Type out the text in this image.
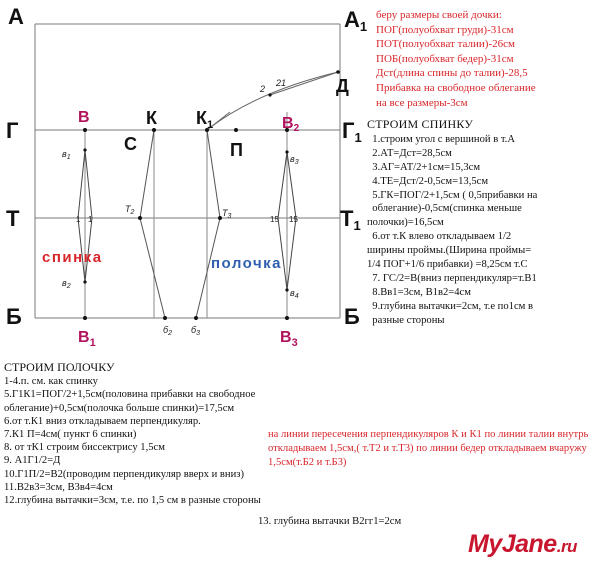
А	А1
Г	Г1
Т	Т1
Б	Б
В	К $К_1$
С	П
В2
Д
2
21
$в_1$
$в_2$
$в_3$
$в_4$
1 1	15 15
$Т_2$	$Т_3$
$б_2$ $б_3$
$В_1$	$В_3$
спинка	полочка
беру размеры своей дочки:
ПОГ(полуобхват груди)-31см
ПОТ(полуобхват талии)-26см
ПОБ(полуобхват бедер)-31см
Дст(длина спины до талии)-28,5
Прибавка на свободное облегание
на все размеры-3см
СТРОИМ СПИНКУ
1.строим угол с вершиной в т.А
2.АТ=Дст=28,5см
3.АГ=АТ/2+1см=15,3см
4.ТЕ=Дст/2-0,5см=13,5см
5.ГК=ПОГ/2+1,5см ( 0,5прибавки на
облегание)-0,5см(спинка меньше
полочки)=16,5см
6.от т.К влево откладываем 1/2
ширины проймы.(Ширина проймы=
1/4 ПОГ+1/6 прибавки) =8,25см т.С
7. ГС/2=В(вниз перпендикуляр=т.В1
8.Вв1=3см, В1в2=4см
9.глубина вытачки=2см, т.е по1см в
разные стороны
СТРОИМ ПОЛОЧКУ
1-4.п. см. как спинку
5.Г1К1=ПОГ/2+1,5см(половина прибавки на свободное облегание)+0,5см(полочка больше спинки)=17,5см
6.от т.К1 вниз откладываем перпендикуляр.
7.К1 П=4см( пункт 6 спинки)
8. от тК1 строим биссектрису 1,5см
9. А1Г1/2=Д
10.Г1П/2=В2(проводим перпендикуляр вверх и вниз)
11.В2в3=3см, В3в4=4см
12.глубина вытачки=3см, т.е. по 1,5 см в разные стороны
на линии пересечения перпендикуляров К и К1 по линии талии внутрь откладываем 1,5см,( т.Т2 и т.Т3) по линии бедер откладываем вчаружу 1,5см(т.Б2 и т.Б3)
13. глубина вытачки В2гг1=2см
MyJane.ru
